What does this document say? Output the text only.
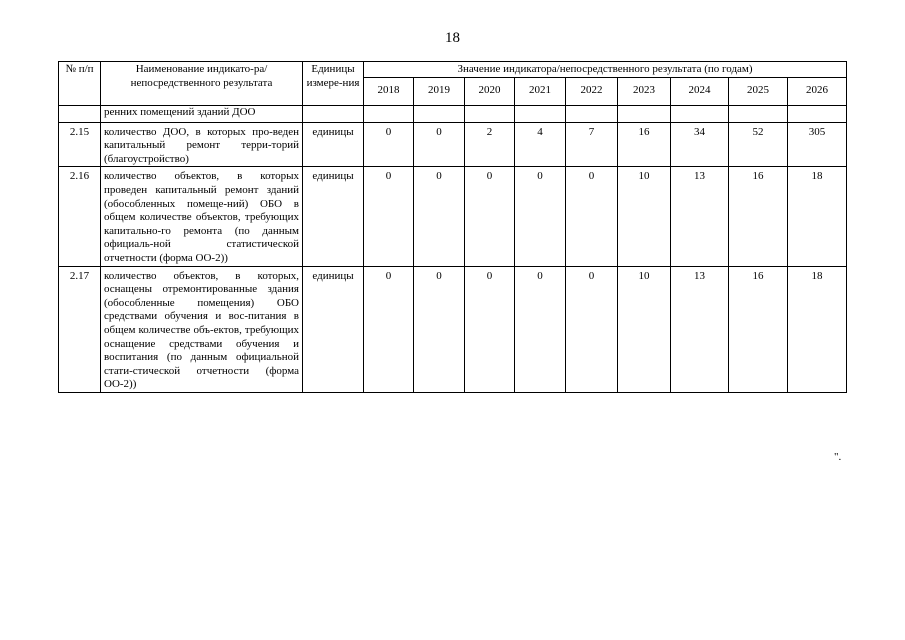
18
№ п/п	Наименование индикато-ра/непосредственного результата	Единицы измере-ния	Значение индикатора/непосредственного результата (по годам)								
			2018	2019	2020	2021	2022	2023	2024	2025	2026
	ренних помещений зданий ДОО										
2.15	количество ДОО, в которых про-веден капитальный ремонт терри-торий (благоустройство)	единицы	0	0	2	4	7	16	34	52	305
2.16	количество объектов, в которых проведен капитальный ремонт зданий (обособленных помеще-ний) ОБО в общем количестве объектов, требующих капитально-го ремонта (по данным официаль-ной статистической отчетности (форма ОО-2))	единицы	0	0	0	0	0	10	13	16	18
2.17	количество объектов, в которых, оснащены отремонтированные здания (обособленные помещения) ОБО средствами обучения и вос-питания в общем количестве объ-ектов, требующих оснащение средствами обучения и воспитания (по данным официальной стати-стической отчетности (форма ОО-2))	единицы	0	0	0	0	0	10	13	16	18
".
